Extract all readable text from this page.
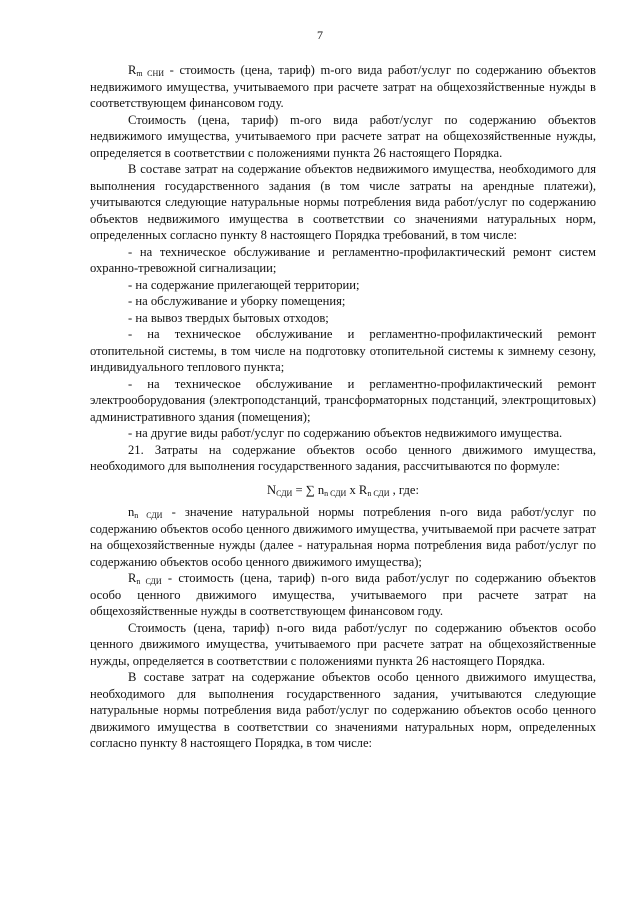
7

$R_{m СНИ}$ - стоимость (цена, тариф) m-ого вида работ/услуг по содержанию объектов недвижимого имущества, учитываемого при расчете затрат на общехозяйственные нужды в соответствующем финансовом году.

Стоимость (цена, тариф) m-ого вида работ/услуг по содержанию объектов недвижимого имущества, учитываемого при расчете затрат на общехозяйственные нужды, определяется в соответствии с положениями пункта 26 настоящего Порядка.

В составе затрат на содержание объектов недвижимого имущества, необходимого для выполнения государственного задания (в том числе затраты на арендные платежи), учитываются следующие натуральные нормы потребления вида работ/услуг по содержанию объектов недвижимого имущества в соответствии со значениями натуральных норм, определенных согласно пункту 8 настоящего Порядка требований, в том числе:

- на техническое обслуживание и регламентно-профилактический ремонт систем охранно-тревожной сигнализации;

- на содержание прилегающей территории;

- на обслуживание и уборку помещения;

- на вывоз твердых бытовых отходов;

- на техническое обслуживание и регламентно-профилактический ремонт отопительной системы, в том числе на подготовку отопительной системы к зимнему сезону, индивидуального теплового пункта;

- на техническое обслуживание и регламентно-профилактический ремонт электрооборудования (электроподстанций, трансформаторных подстанций, электрощитовых) административного здания (помещения);

- на другие виды работ/услуг по содержанию объектов недвижимого имущества.

21. Затраты на содержание объектов особо ценного движимого имущества, необходимого для выполнения государственного задания, рассчитываются по формуле:

$N_{СДИ}$ = ∑ $n_{n СДИ}$ x $R_{n СДИ}$ , где:

$n_{n СДИ}$ - значение натуральной нормы потребления n-ого вида работ/услуг по содержанию объектов особо ценного движимого имущества, учитываемой при расчете затрат на общехозяйственные нужды (далее - натуральная норма потребления вида работ/услуг по содержанию объектов особо ценного движимого имущества);

$R_{n СДИ}$ - стоимость (цена, тариф) n-ого вида работ/услуг по содержанию объектов особо ценного движимого имущества, учитываемого при расчете затрат на общехозяйственные нужды в соответствующем финансовом году.

Стоимость (цена, тариф) n-ого вида работ/услуг по содержанию объектов особо ценного движимого имущества, учитываемого при расчете затрат на общехозяйственные нужды, определяется в соответствии с положениями пункта 26 настоящего Порядка.

В составе затрат на содержание объектов особо ценного движимого имущества, необходимого для выполнения государственного задания, учитываются следующие натуральные нормы потребления вида работ/услуг по содержанию объектов особо ценного движимого имущества в соответствии со значениями натуральных норм, определенных согласно пункту 8 настоящего Порядка, в том числе:
